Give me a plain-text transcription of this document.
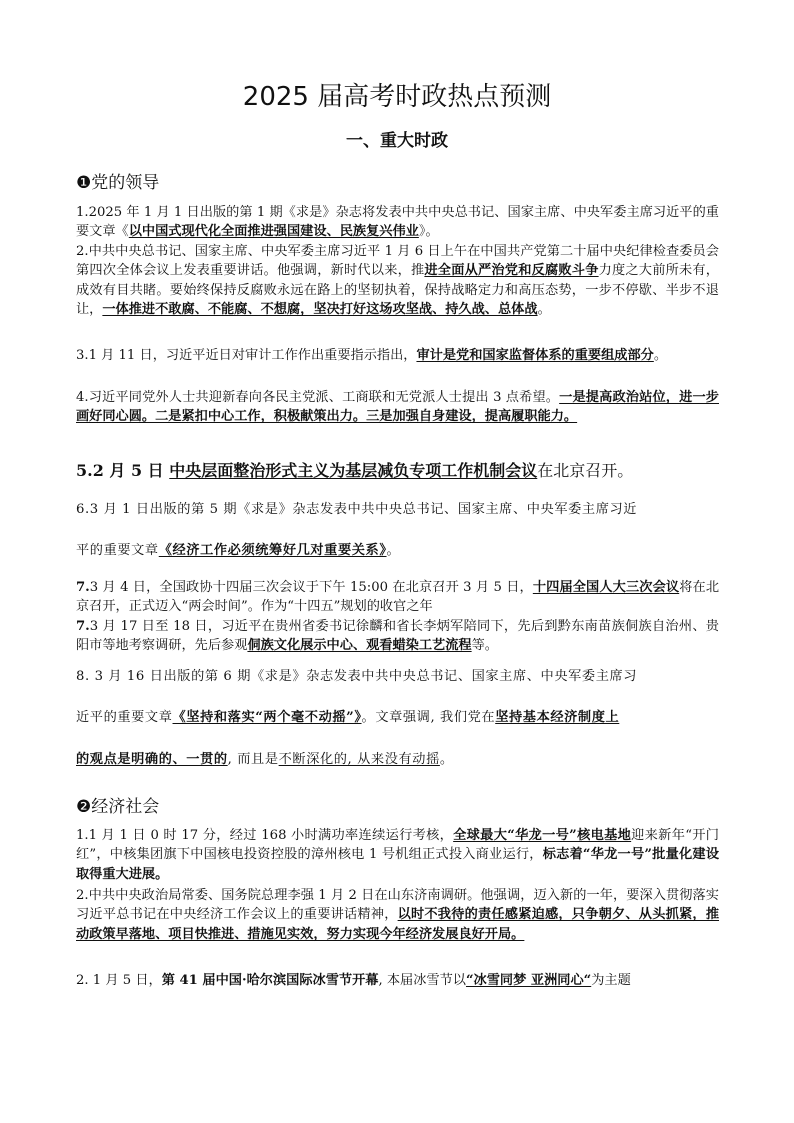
2025 届高考时政热点预测
一、重大时政
❶党的领导
1.2025 年 1 月 1 日出版的第 1 期《求是》杂志将发表中共中央总书记、国家主席、中央军委主席习近平的重要文章《以中国式现代化全面推进强国建设、民族复兴伟业》。
2.中共中央总书记、国家主席、中央军委主席习近平 1 月 6 日上午在中国共产党第二十届中央纪律检查委员会第四次全体会议上发表重要讲话。他强调，新时代以来，推进全面从严治党和反腐败斗争力度之大前所未有，成效有目共睹。要始终保持反腐败永远在路上的坚韧执着，保持战略定力和高压态势，一步不停歇、半步不退让，一体推进不敢腐、不能腐、不想腐，坚决打好这场攻坚战、持久战、总体战。
3.1 月 11 日，习近平近日对审计工作作出重要指示指出，审计是党和国家监督体系的重要组成部分。
4.习近平同党外人士共迎新春向各民主党派、工商联和无党派人士提出 3 点希望。一是提高政治站位，进一步画好同心圆。二是紧扣中心工作，积极献策出力。三是加强自身建设，提高履职能力。
5.2 月 5 日 中央层面整治形式主义为基层减负专项工作机制会议在北京召开。
6.3 月 1 日出版的第 5 期《求是》杂志发表中共中央总书记、国家主席、中央军委主席习近
平的重要文章《经济工作必须统筹好几对重要关系》。
7.3 月 4 日，全国政协十四届三次会议于下午 15:00 在北京召开 3 月 5 日，十四届全国人大三次会议将在北京召开，正式迈入“两会时间”。作为“十四五”规划的收官之年
7.3 月 17 日至 18 日，习近平在贵州省委书记徐麟和省长李炳军陪同下，先后到黔东南苗族侗族自治州、贵阳市等地考察调研，先后参观侗族文化展示中心、观看蜡染工艺流程等。
8. 3 月 16 日出版的第 6 期《求是》杂志发表中共中央总书记、国家主席、中央军委主席习
近平的重要文章《坚持和落实“两个毫不动摇”》。文章强调, 我们党在坚持基本经济制度上
的观点是明确的、一贯的, 而且是不断深化的, 从来没有动摇。
❷经济社会
1.1 月 1 日 0 时 17 分，经过 168 小时满功率连续运行考核，全球最大“华龙一号”核电基地迎来新年“开门红”，中核集团旗下中国核电投资控股的漳州核电 1 号机组正式投入商业运行，标志着“华龙一号”批量化建设取得重大进展。
2.中共中央政治局常委、国务院总理李强 1 月 2 日在山东济南调研。他强调，迈入新的一年，要深入贯彻落实习近平总书记在中央经济工作会议上的重要讲话精神，以时不我待的责任感紧迫感，只争朝夕、从头抓紧，推动政策早落地、项目快推进、措施见实效，努力实现今年经济发展良好开局。
2. 1 月 5 日，第 41 届中国·哈尔滨国际冰雪节开幕, 本届冰雪节以“冰雪同梦 亚洲同心“为主题
